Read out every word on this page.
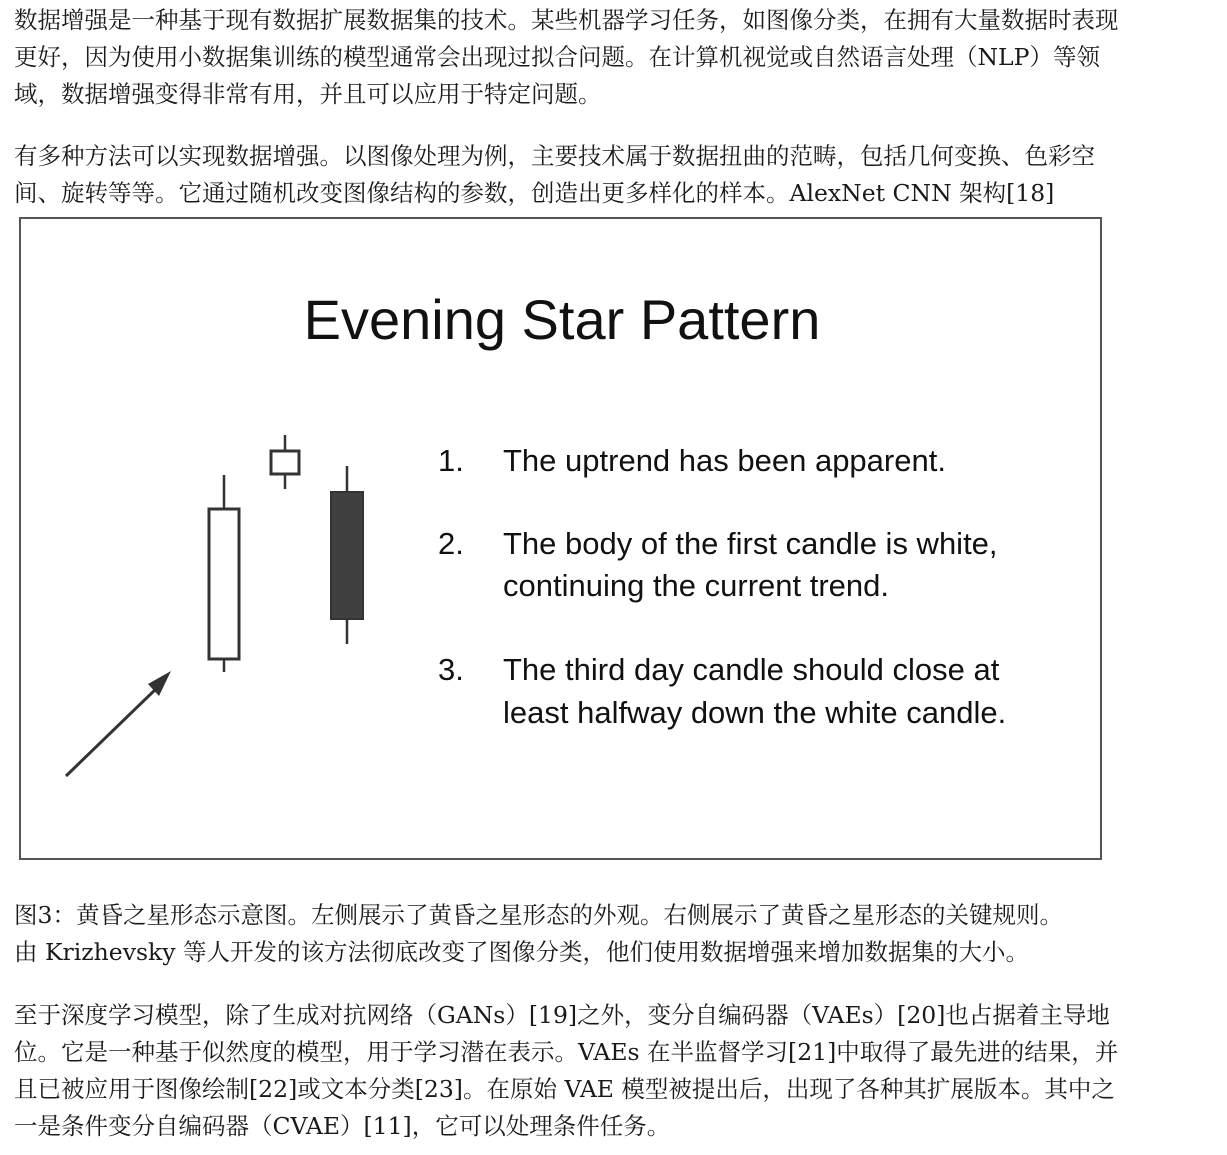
数据增强是一种基于现有数据扩展数据集的技术。某些机器学习任务，如图像分类，在拥有大量数据时表现
更好，因为使用小数据集训练的模型通常会出现过拟合问题。在计算机视觉或自然语言处理（NLP）等领
域，数据增强变得非常有用，并且可以应用于特定问题。

有多种方法可以实现数据增强。以图像处理为例，主要技术属于数据扭曲的范畴，包括几何变换、色彩空
间、旋转等等。它通过随机改变图像结构的参数，创造出更多样化的样本。AlexNet CNN 架构[18]

Evening Star Pattern
1. The uptrend has been apparent.
2. The body of the first candle is white,
continuing the current trend.
3. The third day candle should close at
least halfway down the white candle.

图3：黄昏之星形态示意图。左侧展示了黄昏之星形态的外观。右侧展示了黄昏之星形态的关键规则。
由 Krizhevsky 等人开发的该方法彻底改变了图像分类，他们使用数据增强来增加数据集的大小。

至于深度学习模型，除了生成对抗网络（GANs）[19]之外，变分自编码器（VAEs）[20]也占据着主导地
位。它是一种基于似然度的模型，用于学习潜在表示。VAEs 在半监督学习[21]中取得了最先进的结果，并
且已被应用于图像绘制[22]或文本分类[23]。在原始 VAE 模型被提出后，出现了各种其扩展版本。其中之
一是条件变分自编码器（CVAE）[11]，它可以处理条件任务。
